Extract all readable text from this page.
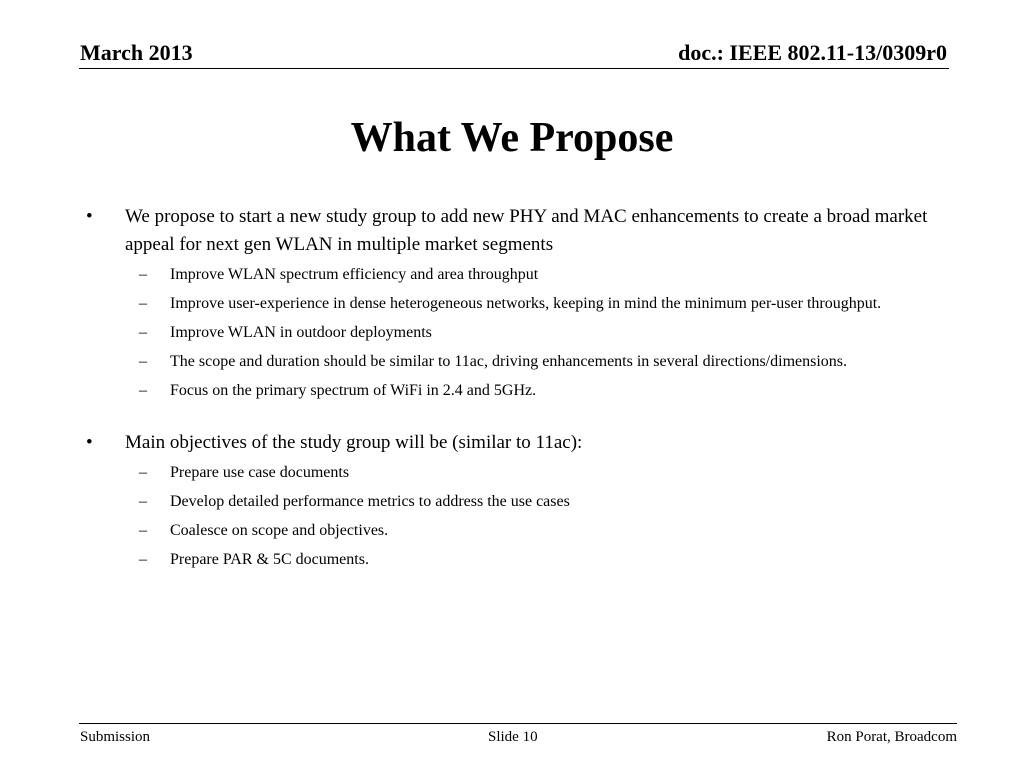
March 2013	doc.: IEEE 802.11-13/0309r0
What We Propose
•	We propose to start a new study group to add new PHY and MAC enhancements to create a broad market appeal for next gen WLAN in multiple market segments
–	Improve WLAN spectrum efficiency and area throughput
–	Improve user-experience in dense heterogeneous networks, keeping in mind the minimum per-user throughput.
–	Improve WLAN in outdoor deployments
–	The scope and duration should be similar to 11ac, driving enhancements in several directions/dimensions.
–	Focus on the primary spectrum of WiFi in 2.4 and 5GHz.
•	Main objectives of the study group will be (similar to 11ac):
–	Prepare use case documents
–	Develop detailed performance metrics to address the use cases
–	Coalesce on scope and objectives.
–	Prepare PAR & 5C documents.
Submission	Slide 10	Ron Porat, Broadcom
